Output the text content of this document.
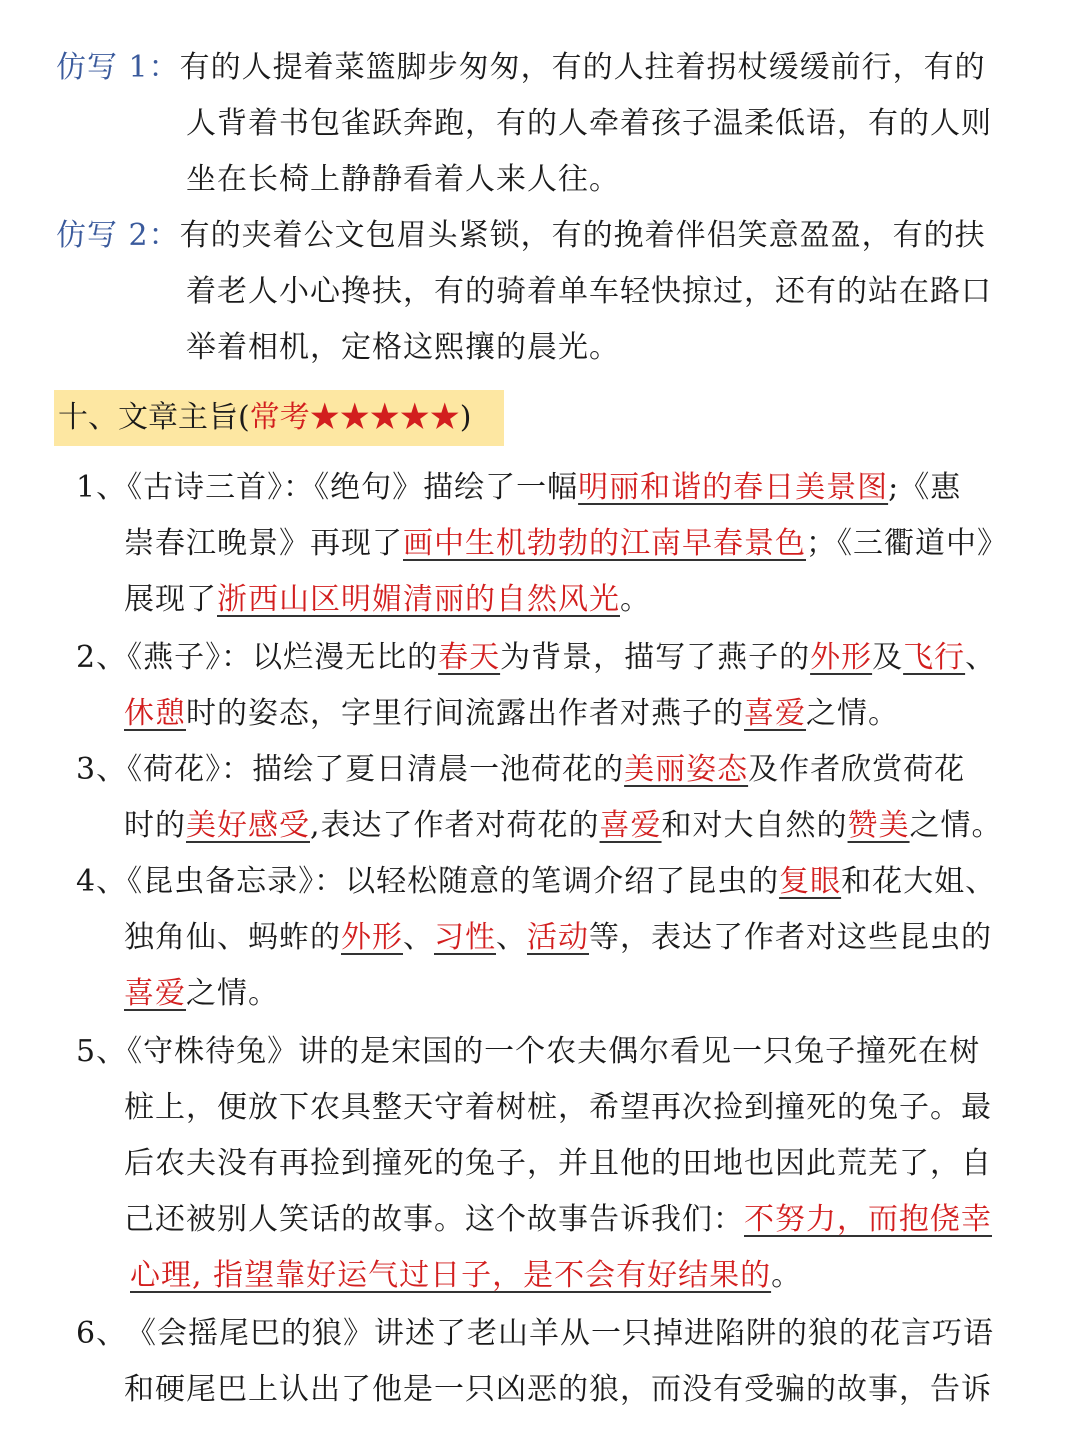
仿写 1：有的人提着菜篮脚步匆匆，有的人拄着拐杖缓缓前行，有的
人背着书包雀跃奔跑，有的人牵着孩子温柔低语，有的人则
坐在长椅上静静看着人来人往。
仿写 2：有的夹着公文包眉头紧锁，有的挽着伴侣笑意盈盈，有的扶
着老人小心搀扶，有的骑着单车轻快掠过，还有的站在路口
举着相机，定格这熙攘的晨光。
十、文章主旨(常考★★★★★)
1、《古诗三首》：《绝句》描绘了一幅明丽和谐的春日美景图;《惠
崇春江晚景》再现了画中生机勃勃的江南早春景色；《三衢道中》
展现了浙西山区明媚清丽的自然风光。
2、《燕子》：以烂漫无比的春天为背景，描写了燕子的外形及飞行、
休憩时的姿态，字里行间流露出作者对燕子的喜爱之情。
3、《荷花》：描绘了夏日清晨一池荷花的美丽姿态及作者欣赏荷花
时的美好感受,表达了作者对荷花的喜爱和对大自然的赞美之情。
4、《昆虫备忘录》：以轻松随意的笔调介绍了昆虫的复眼和花大姐、
独角仙、蚂蚱的外形、习性、活动等，表达了作者对这些昆虫的
喜爱之情。
5、《守株待兔》讲的是宋国的一个农夫偶尔看见一只兔子撞死在树
桩上，便放下农具整天守着树桩，希望再次捡到撞死的兔子。最
后农夫没有再捡到撞死的兔子，并且他的田地也因此荒芜了，自
己还被别人笑话的故事。这个故事告诉我们：不努力，而抱侥幸
心理, 指望靠好运气过日子，是不会有好结果的。
6、《会摇尾巴的狼》讲述了老山羊从一只掉进陷阱的狼的花言巧语
和硬尾巴上认出了他是一只凶恶的狼，而没有受骗的故事，告诉
